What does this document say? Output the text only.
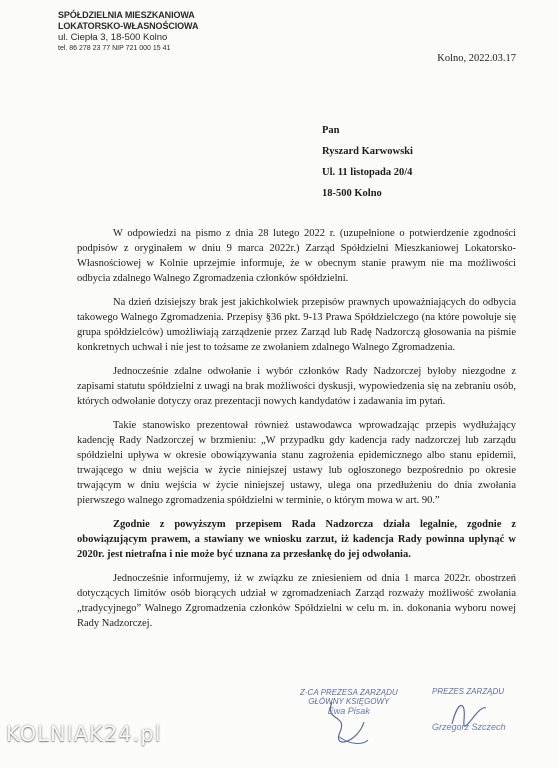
SPÓŁDZIELNIA MIESZKANIOWA
LOKATORSKO-WŁASNOŚCIOWA
ul. Ciepła 3, 18-500 Kolno
tel. 86 278 23 77 NIP 721 000 15 41
Kolno, 2022.03.17
Pan
Ryszard Karwowski
Ul. 11 listopada 20/4
18-500 Kolno

W odpowiedzi na pismo z dnia 28 lutego 2022 r. (uzupełnione o potwierdzenie zgodności podpisów z oryginałem w dniu 9 marca 2022r.) Zarząd Spółdzielni Mieszkaniowej Lokatorsko-Własnościowej w Kolnie uprzejmie informuje, że w obecnym stanie prawym nie ma możliwości odbycia zdalnego Walnego Zgromadzenia członków spółdzielni.

Na dzień dzisiejszy brak jest jakichkolwiek przepisów prawnych upoważniających do odbycia takowego Walnego Zgromadzenia. Przepisy §36 pkt. 9-13 Prawa Spółdzielczego (na które powołuje się grupa spółdzielców) umożliwiają zarządzenie przez Zarząd lub Radę Nadzorczą głosowania na piśmie konkretnych uchwał i nie jest to tożsame ze zwołaniem zdalnego Walnego Zgromadzenia.

Jednocześnie zdalne odwołanie i wybór członków Rady Nadzorczej byłoby niezgodne z zapisami statutu spółdzielni z uwagi na brak możliwości dyskusji, wypowiedzenia się na zebraniu osób, których odwołanie dotyczy oraz prezentacji nowych kandydatów i zadawania im pytań.

Takie stanowisko prezentował również ustawodawca wprowadzając przepis wydłużający kadencję Rady Nadzorczej w brzmieniu: „W przypadku gdy kadencja rady nadzorczej lub zarządu spółdzielni upływa w okresie obowiązywania stanu zagrożenia epidemicznego albo stanu epidemii, trwającego w dniu wejścia w życie niniejszej ustawy lub ogłoszonego bezpośrednio po okresie trwającym w dniu wejścia w życie niniejszej ustawy, ulega ona przedłużeniu do dnia zwołania pierwszego walnego zgromadzenia spółdzielni w terminie, o którym mowa w art. 90.”

Zgodnie z powyższym przepisem Rada Nadzorcza działa legalnie, zgodnie z obowiązującym prawem, a stawiany we wniosku zarzut, iż kadencja Rady powinna upłynąć w 2020r. jest nietrafna i nie może być uznana za przesłankę do jej odwołania.

Jednocześnie informujemy, iż w związku ze zniesieniem od dnia 1 marca 2022r. obostrzeń dotyczących limitów osób biorących udział w zgromadzeniach Zarząd rozważy możliwość zwołania „tradycyjnego” Walnego Zgromadzenia członków Spółdzielni w celu m. in. dokonania wyboru nowej Rady Nadzorczej.

Z-CA PREZESA ZARZĄDU
GŁÓWNY KSIĘGOWY
Ewa Pisak
PREZES ZARZĄDU
Grzegorz Szczech
KOLNIAK24.pl
